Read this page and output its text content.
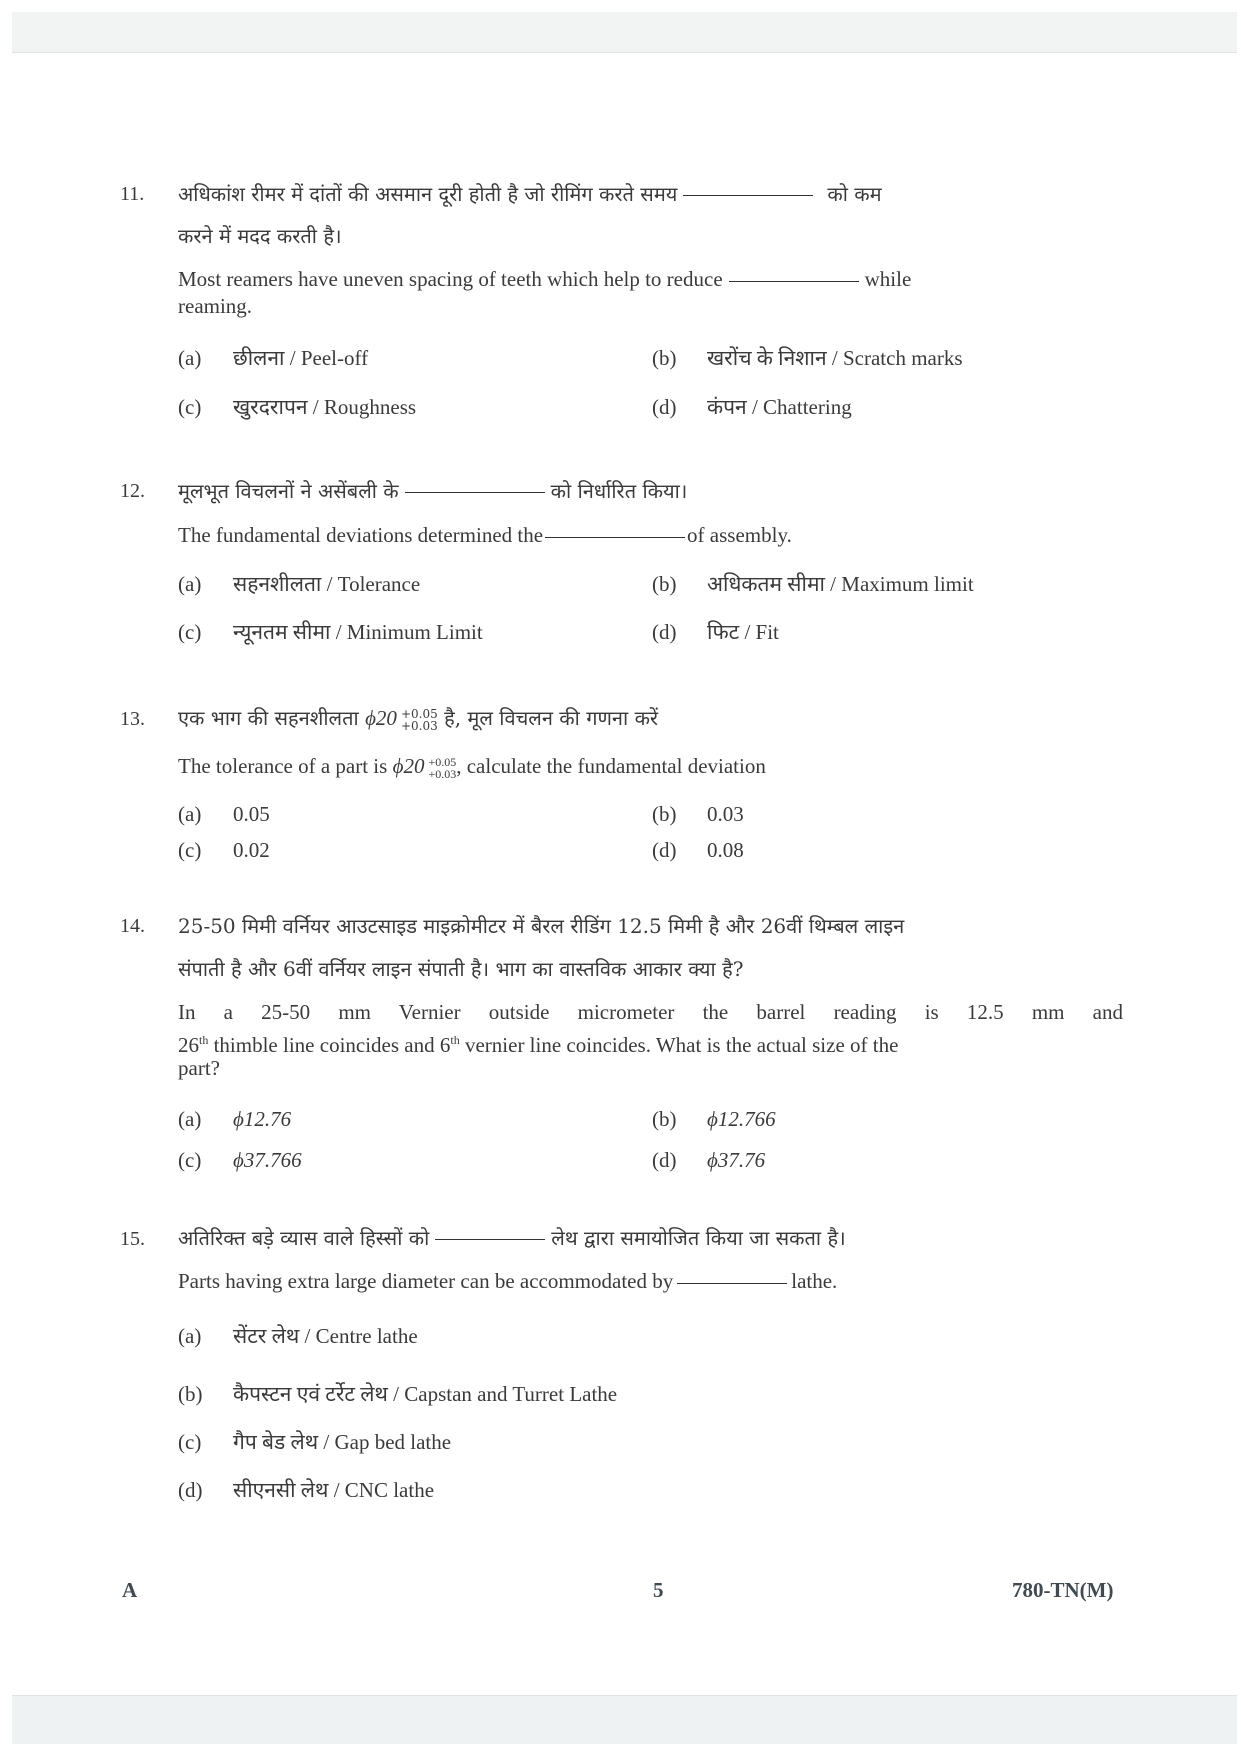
11. अधिकांश रीमर में दांतों की असमान दूरी होती है जो रीमिंग करते समय	को कम
करने में मदद करती है।
Most reamers have uneven spacing of teeth which help to reduce	while
reaming.
(a) छीलना / Peel-off	(b) खरोंच के निशान / Scratch marks
(c) खुरदरापन / Roughness	(d) कंपन / Chattering
12. मूलभूत विचलनों ने असेंबली के	को निर्धारित किया।
The fundamental deviations determined the	of assembly.
(a) सहनशीलता / Tolerance	(b) अधिकतम सीमा / Maximum limit
(c) न्यूनतम सीमा / Minimum Limit	(d) फिट / Fit
13. एक भाग की सहनशीलता ϕ20 +0.05
+0.03 है, मूल विचलन की गणना करें
The tolerance of a part is ϕ20 +0.05
+0.03, calculate the fundamental deviation
(a) 0.05	(b) 0.03
(c) 0.02	(d) 0.08
14. 25-50 मिमी वर्नियर आउटसाइड माइक्रोमीटर में बैरल रीडिंग 12.5 मिमी है और 26वीं थिम्बल लाइन
संपाती है और 6वीं वर्नियर लाइन संपाती है। भाग का वास्तविक आकार क्या है?
In a 25-50 mm Vernier outside micrometer the barrel reading is 12.5 mm and
26th thimble line coincides and 6th vernier line coincides. What is the actual size of the
part?
(a) ϕ12.76	(b) ϕ12.766
(c) ϕ37.766	(d) ϕ37.76
15. अतिरिक्त बड़े व्यास वाले हिस्सों को	लेथ द्वारा समायोजित किया जा सकता है।
Parts having extra large diameter can be accommodated by	lathe.
(a) सेंटर लेथ / Centre lathe
(b) कैपस्टन एवं टर्रेट लेथ / Capstan and Turret Lathe
(c) गैप बेड लेथ / Gap bed lathe
(d) सीएनसी लेथ / CNC lathe
A	5	780-TN(M)
